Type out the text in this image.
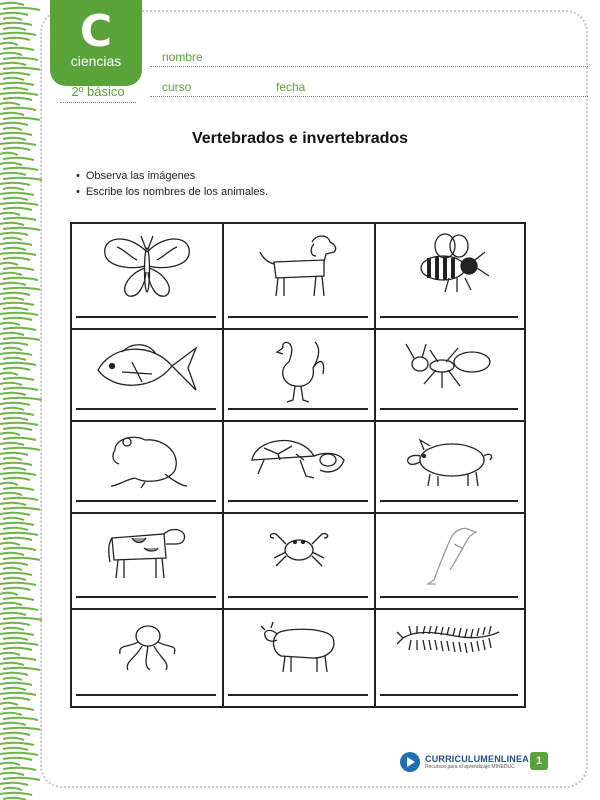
C
ciencias
2º básico
nombre
curso	fecha
Vertebrados e invertebrados
• Observa las imágenes
• Escribe los nombres de los animales.
CURRICULUMENLINEA
Recursos para el aprendizaje MINEDUC	1
